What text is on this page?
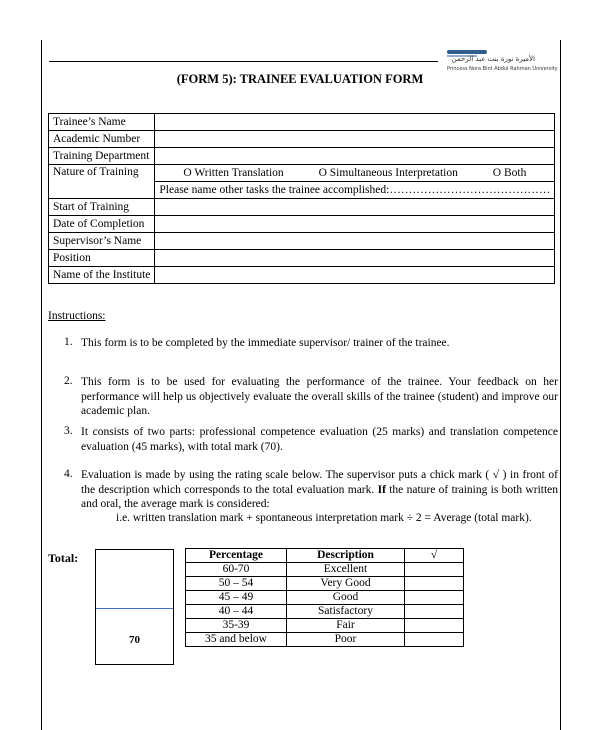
الأميرة نورة بنت عبد الرحمن
Princess Nora Bint Abdul Rahman University
(FORM 5): TRAINEE EVALUATION FORM
Trainee’s Name	
Academic Number	
Training Department	
Nature of Training	O Written Translation O Simultaneous Interpretation O Both

	Please name other tasks the trainee accomplished:……………………………………
Start of Training	
Date of Completion	
Supervisor’s Name	
Position	
Name of the Institute	
Instructions:
1. This form is to be completed by the immediate supervisor/ trainer of the trainee.
2. This form is to be used for evaluating the performance of the trainee. Your feedback on her performance will help us objectively evaluate the overall skills of the trainee (student) and improve our academic plan.
3. It consists of two parts: professional competence evaluation (25 marks) and translation competence evaluation (45 marks), with total mark (70).
4. Evaluation is made by using the rating scale below. The supervisor puts a chick mark ( √ ) in front of the description which corresponds to the total evaluation mark. If the nature of training is both written and oral, the average mark is considered:
i.e. written translation mark + spontaneous interpretation mark ÷ 2 = Average (total mark).
Total:
70
Percentage	Description	√
60-70	Excellent	
50 – 54	Very Good	
45 – 49	Good	
40 – 44	Satisfactory	
35-39	Fair	
35 and below	Poor	
